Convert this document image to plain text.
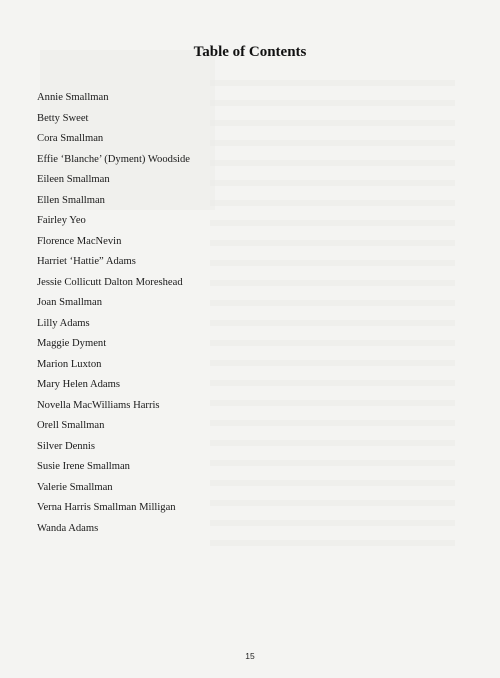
Table of Contents
Annie Smallman
Betty Sweet
Cora Smallman
Effie ‘Blanche’ (Dyment) Woodside
Eileen Smallman
Ellen Smallman
Fairley Yeo
Florence MacNevin
Harriet ‘Hattie” Adams
Jessie Collicutt Dalton Moreshead
Joan Smallman
Lilly Adams
Maggie Dyment
Marion Luxton
Mary Helen Adams
Novella MacWilliams Harris
Orell Smallman
Silver Dennis
Susie Irene Smallman
Valerie Smallman
Verna Harris Smallman Milligan
Wanda Adams
15
